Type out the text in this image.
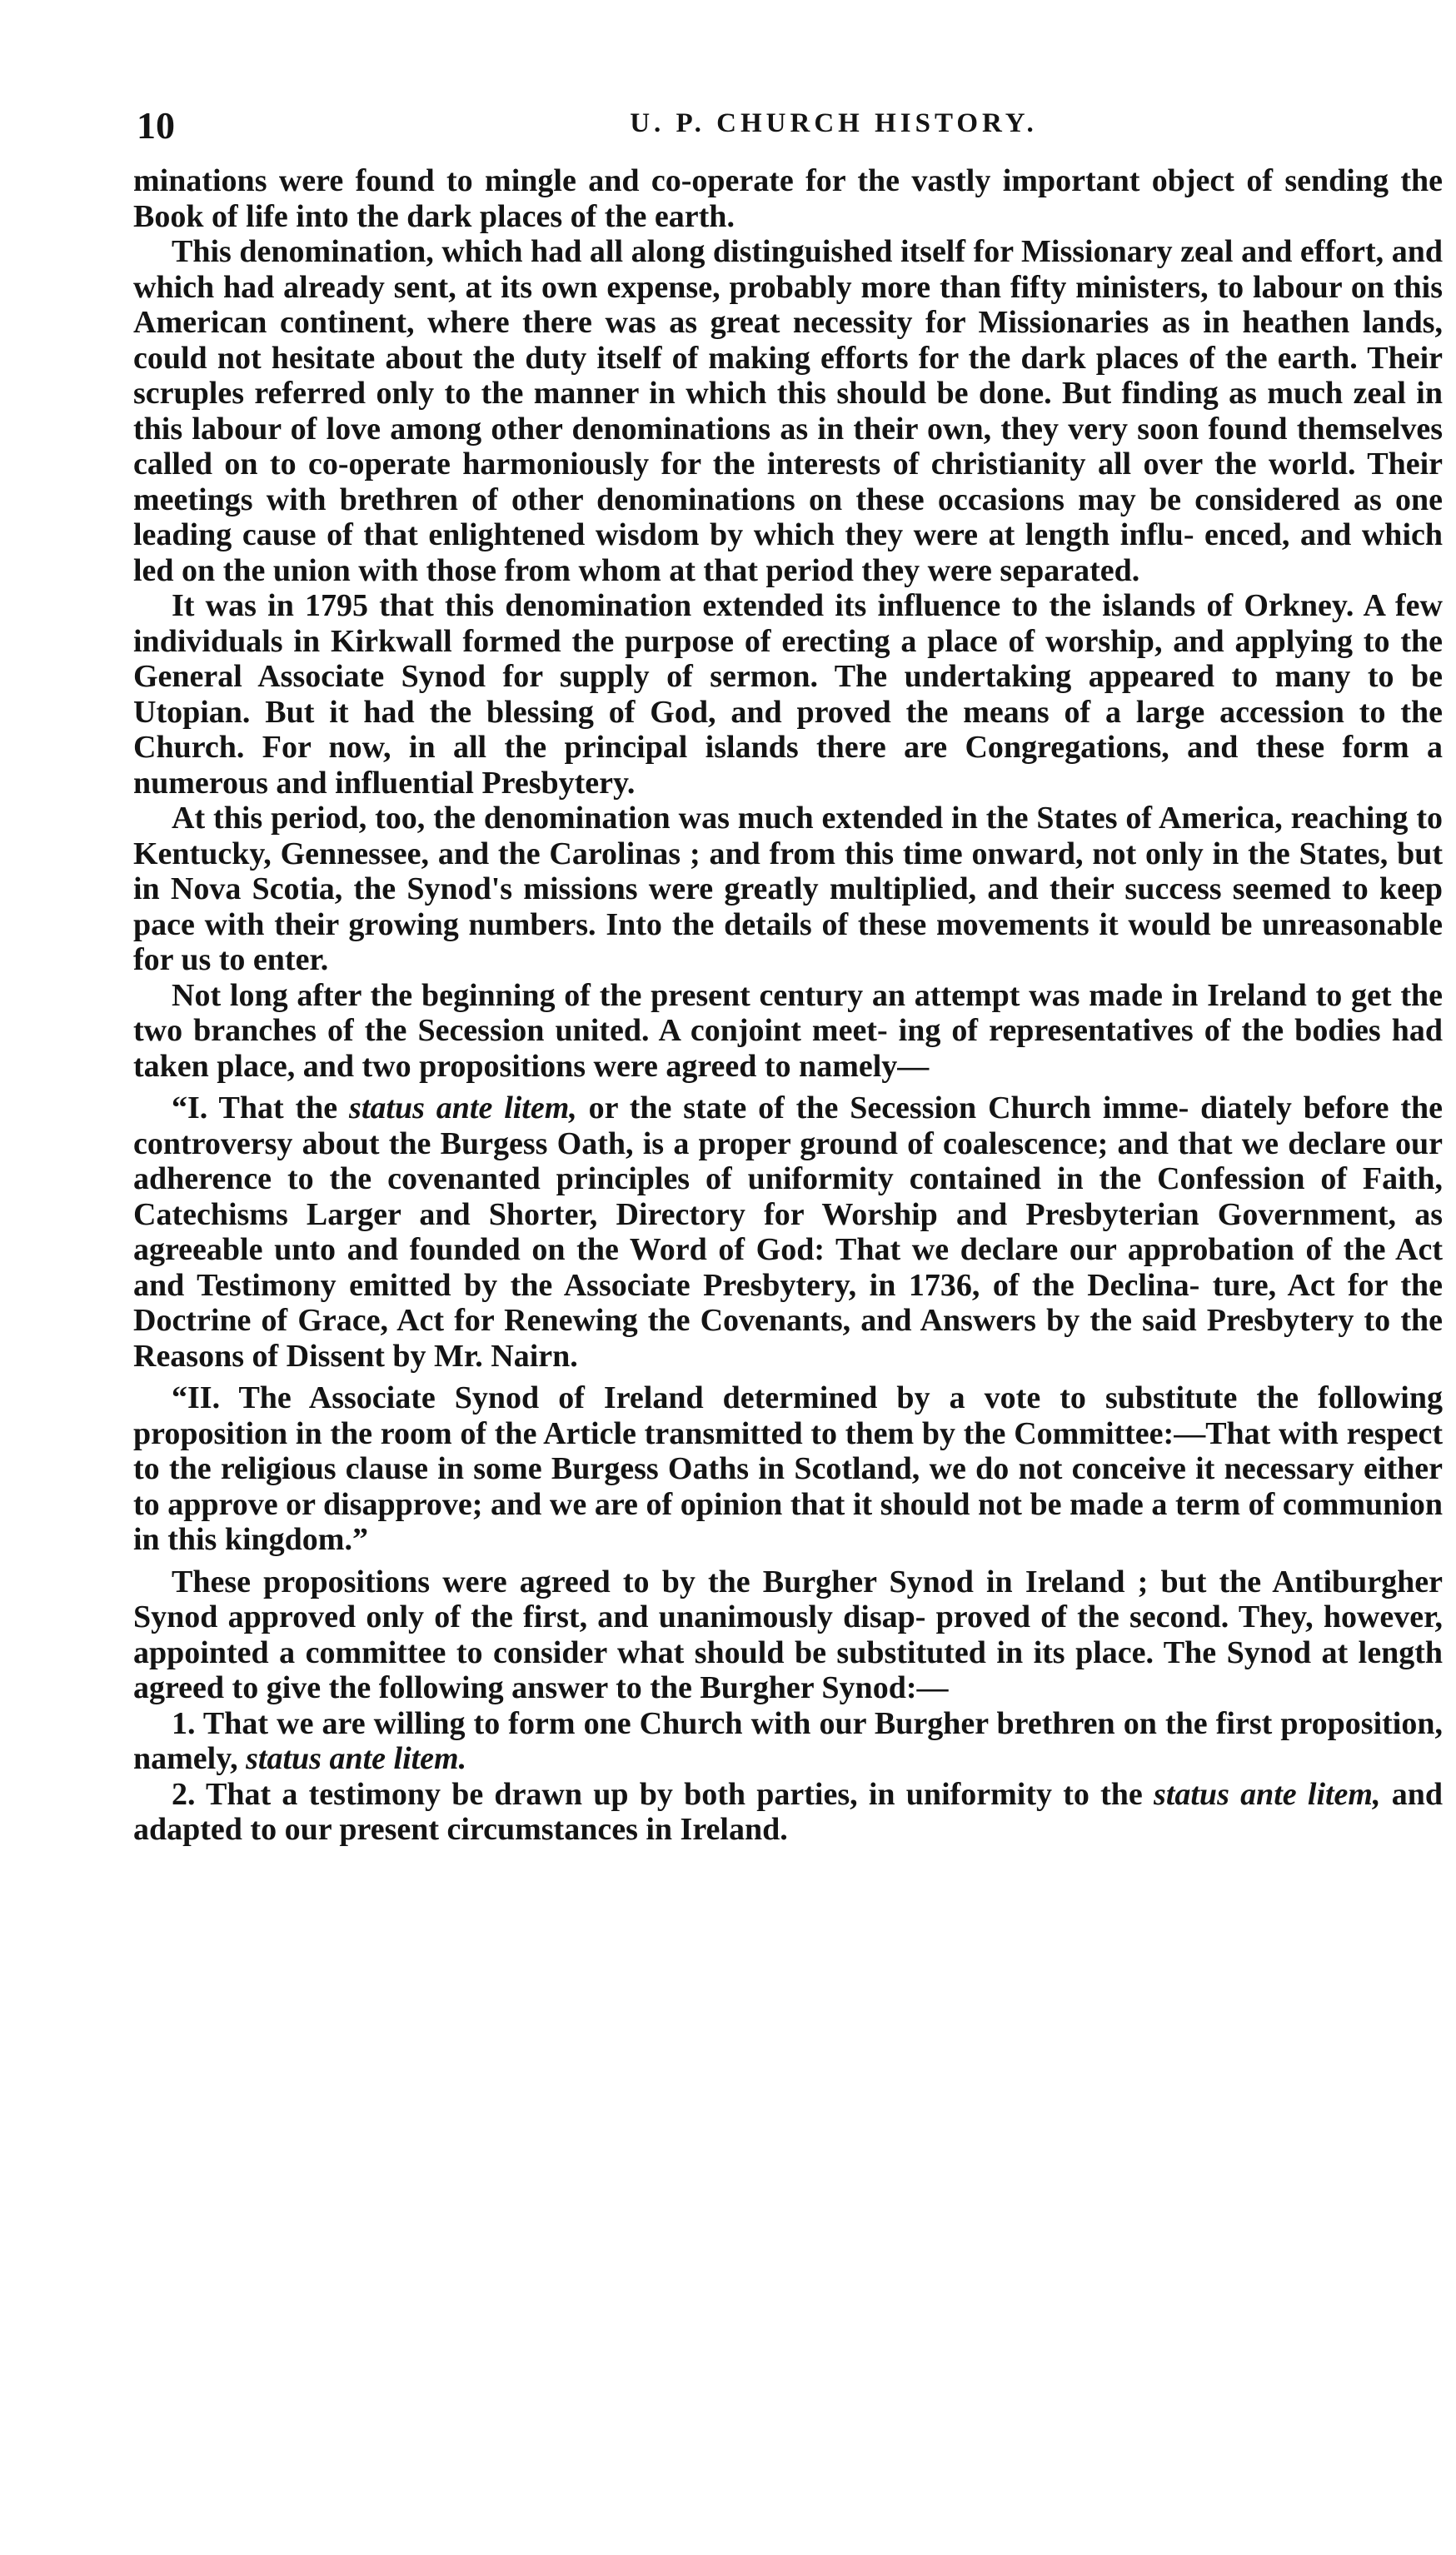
10	U. P. CHURCH HISTORY.

minations were found to mingle and co-operate for the vastly important object of sending the Book of life into the dark places of the earth.

This denomination, which had all along distinguished itself for Missionary zeal and effort, and which had already sent, at its own expense, probably more than fifty ministers, to labour on this American continent, where there was as great necessity for Missionaries as in heathen lands, could not hesitate about the duty itself of making efforts for the dark places of the earth. Their scruples referred only to the manner in which this should be done. But finding as much zeal in this labour of love among other denominations as in their own, they very soon found themselves called on to co-operate harmoniously for the interests of christianity all over the world. Their meetings with brethren of other denominations on these occasions may be considered as one leading cause of that enlightened wisdom by which they were at length influ- enced, and which led on the union with those from whom at that period they were separated.

It was in 1795 that this denomination extended its influence to the islands of Orkney. A few individuals in Kirkwall formed the purpose of erecting a place of worship, and applying to the General Associate Synod for supply of sermon. The undertaking appeared to many to be Utopian. But it had the blessing of God, and proved the means of a large accession to the Church. For now, in all the principal islands there are Congregations, and these form a numerous and influential Presbytery.

At this period, too, the denomination was much extended in the States of America, reaching to Kentucky, Gennessee, and the Carolinas ; and from this time onward, not only in the States, but in Nova Scotia, the Synod's missions were greatly multiplied, and their success seemed to keep pace with their growing numbers. Into the details of these movements it would be unreasonable for us to enter.

Not long after the beginning of the present century an attempt was made in Ireland to get the two branches of the Secession united. A conjoint meet- ing of representatives of the bodies had taken place, and two propositions were agreed to namely—

“I. That the status ante litem, or the state of the Secession Church imme- diately before the controversy about the Burgess Oath, is a proper ground of coalescence; and that we declare our adherence to the covenanted principles of uniformity contained in the Confession of Faith, Catechisms Larger and Shorter, Directory for Worship and Presbyterian Government, as agreeable unto and founded on the Word of God: That we declare our approbation of the Act and Testimony emitted by the Associate Presbytery, in 1736, of the Declina- ture, Act for the Doctrine of Grace, Act for Renewing the Covenants, and Answers by the said Presbytery to the Reasons of Dissent by Mr. Nairn.

“II. The Associate Synod of Ireland determined by a vote to substitute the following proposition in the room of the Article transmitted to them by the Committee:—That with respect to the religious clause in some Burgess Oaths in Scotland, we do not conceive it necessary either to approve or disapprove; and we are of opinion that it should not be made a term of communion in this kingdom.”

These propositions were agreed to by the Burgher Synod in Ireland ; but the Antiburgher Synod approved only of the first, and unanimously disap- proved of the second. They, however, appointed a committee to consider what should be substituted in its place. The Synod at length agreed to give the following answer to the Burgher Synod:—

1. That we are willing to form one Church with our Burgher brethren on the first proposition, namely, status ante litem.

2. That a testimony be drawn up by both parties, in uniformity to the status ante litem, and adapted to our present circumstances in Ireland.
